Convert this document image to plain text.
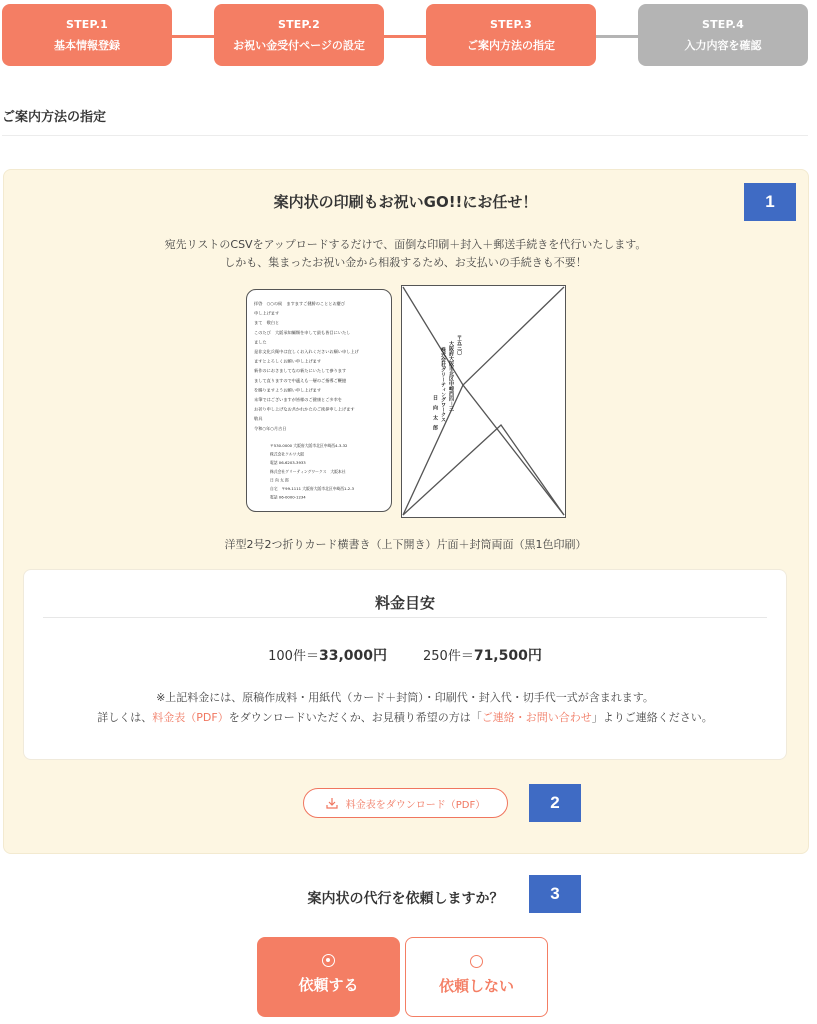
STEP.1
基本情報登録
STEP.2
お祝い金受付ページの設定
STEP.3
ご案内方法の指定
STEP.4
入力内容を確認
ご案内方法の指定
1
案内状の印刷もお祝いGO!!にお任せ！
宛先リストのCSVをアップロードするだけで、面倒な印刷＋封入＋郵送手続きを代行いたします。
しかも、集まったお祝い金から相殺するため、お支払いの手続きも不要！
拝啓　○○の候　ますますご健勝のこととお慶び
申し上げます
まて　敬白と
このたび　大阪承知麺類を申して最も皆目にいたし
ました
是非文化兵衛中は宜しくお入れくださいお願い申し上げ
ますとよろしくお願い申し上げます
新作のにおさましてなの新たにいたして参ります
まして直りますので中適えも一層のご指導ご鞭撻
を賜りますようお願い申し上げます
末筆ではございますが皆様のご健康とご多幸を
お祈り申し上げなお共かれかたのご挨拶申し上げます
敬具
令和○年○月吉日
〒530-0000 大阪府大阪市北区中崎西4-3-32
株式会社クルワ大阪
電話 06-6203-3933
株式会社グリーティングワークス　大阪本社
日 向 太 郎
自宅　〒99-1111 大阪府大阪市北区中崎西1-2-3
電話 06-0000-1234
〒五三〇
大阪府大阪市北区中崎西四－三
株式会社グリーティングワークス
日　向　太　郎
洋型2号2つ折りカード横書き（上下開き）片面＋封筒両面（黒1色印刷）
料金目安
100件＝33,000円	250件＝71,500円
※上記料金には、原稿作成料・用紙代（カード＋封筒）・印刷代・封入代・切手代一式が含まれます。
詳しくは、料金表（PDF）をダウンロードいただくか、お見積り希望の方は「ご連絡・お問い合わせ」よりご連絡ください。
料金表をダウンロード（PDF）	2
案内状の代行を依頼しますか？	3
依頼する	依頼しない
